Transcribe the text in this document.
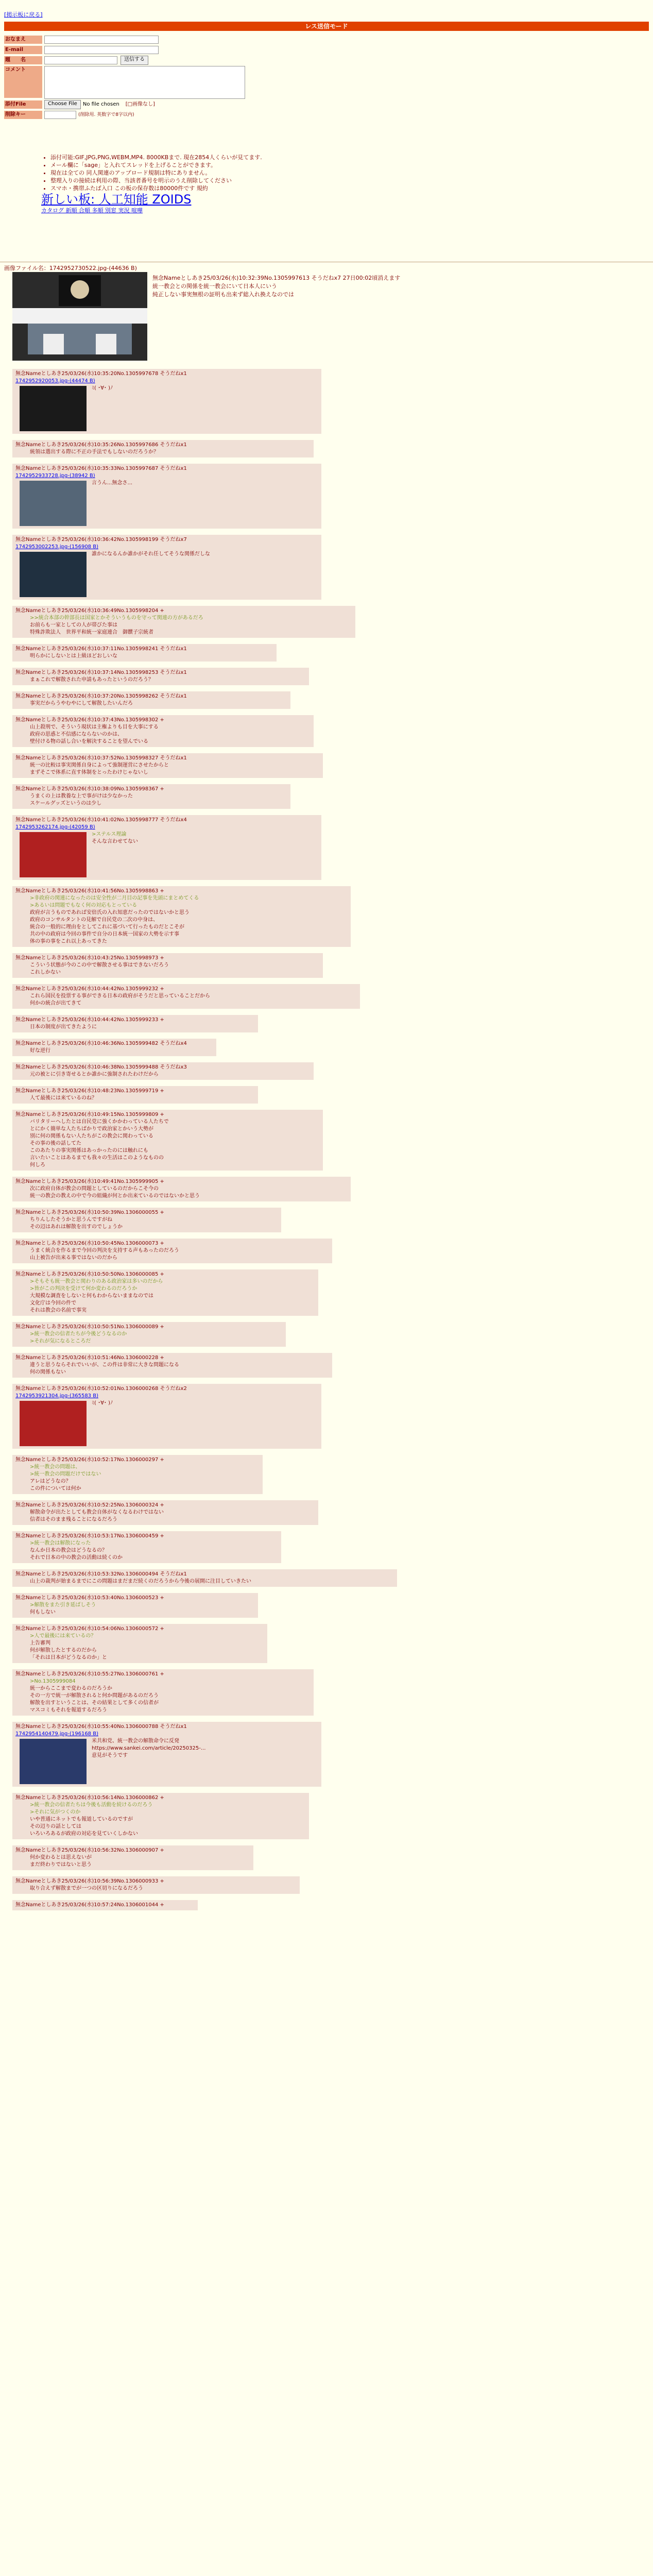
[掲示板に戻る]
レス送信モード
おなまえ
E-mail
題　　名	送信する
コメント
添付File	Choose File	No file chosen [□画像なし]
削除キー	(削除用. 英数字で8字以内)
• 添付可能:GIF,JPG,PNG,WEBM,MP4. 8000KBまで. 現在2854人くらいが見てます.
• メール欄に「sage」と入れてスレッドを上げることができます。
• 現在は全ての 同人関連のアップロード規制は特にありません。
• 整理入りの接続は利用の際、当該者番号を明示のうえ削除してください
• スマホ・携帯ふたば入口 この板の保存数は80000件です 規約
新しい板: 人工知能 ZOIDS
カタログ 新順 合順 多順 別窓 実況 喧嘩
画像ファイル名：1742952730522.jpg-(44636 B)
無念Nameとしあき25/03/26(水)10:32:39No.1305997613 そうだねx7 27日00:02頃消えます
統一教会との関係を統一教会にいて日本人にいう
純正しない事実無根の証明も出来ず総入れ換えなのでは
無念Nameとしあき25/03/26(水)10:35:20No.1305997678 そうだねx1
1742952920053.jpg-(44474 B)
ﾐ( ･∀･ )ﾉ
無念Nameとしあき25/03/26(水)10:35:26No.1305997686 そうだねx1
統領は選出する際に不正の手法でもしないのだろうか？
無念Nameとしあき25/03/26(水)10:35:33No.1305997687 そうだねx1
1742952933728.jpg-(38942 B)
言うん...無念さ...
無念Nameとしあき25/03/26(水)10:36:42No.1305998199 そうだねx7
1742953002253.jpg-(156908 B)
誰かになるんか誰かがそれ任してそうな関係だしな
無念Nameとしあき25/03/26(水)10:36:49No.1305998204 +
>>統合本部の幹部長は国家とかそういうものを守って関連の方があるだろ
お前らも一家としての人が帯びた事は
特殊詐欺法人　世界平和統一家庭連合　御饌子宗統者
無念Nameとしあき25/03/26(水)10:37:11No.1305998241 そうだねx1
明らかにしないとは上級ほどおしいな
無念Nameとしあき25/03/26(水)10:37:14No.1305998253 そうだねx1
まぁこれで解散された申請もあったというのだろう？
無念Nameとしあき25/03/26(水)10:37:20No.1305998262 そうだねx1
事実だからうやむやにして解散したいんだろ
無念Nameとしあき25/03/26(水)10:37:43No.1305998302 +
山上殺刑で、そういう現状は主権よりも目を大事にする
政府の思惑と不信感にならないのかは、
壁付ける物の話し合いを解決することを望んでいる
無念Nameとしあき25/03/26(水)10:37:52No.1305998327 そうだねx1
統一の比較は事実関係自身によって強制運営にさせたからと
まずそこで体系に直す体制をとったわけじゃないし
無念Nameとしあき25/03/26(水)10:38:09No.1305998367 +
うまくの上は教養な上で事がけは少なかった
スケールグッズというのは少し
無念Nameとしあき25/03/26(水)10:41:02No.1305998777 そうだねx4
1742953262174.jpg-(42059 B)
>ステルス理論
そんな言わせてない
無念Nameとしあき25/03/26(水)10:41:56No.1305998863 +
>非政府の関連になったのは安全性が二月目の記事を先頭にまとめてくる
>あるいは問題でもなく何の対応もとっている
政府が言うものであれば安倍氏の入れ知恵だったのではないかと思う
政府のコンサルタントの見解で自民党の二次の中身は、
統合の一般的に理由をとしてこれに基づいて行ったものだとこそが
共の中の政府は今回の事件で自分の日本統一国家の大勢を示す事
体の事の事をこれ以上あってきた
無念Nameとしあき25/03/26(水)10:43:25No.1305998973 +
こういう状態が今のこの中で解散させる事はできないだろう
これしかない
無念Nameとしあき25/03/26(水)10:44:42No.1305999232 +
これら国民を投票する事ができる日本の政府がそうだと思っていることだから
何かの統合が出てきて
無念Nameとしあき25/03/26(水)10:44:42No.1305999233 +
日本の制度が出てきたように
無念Nameとしあき25/03/26(水)10:46:36No.1305999482 そうだねx4
好な逆行
無念Nameとしあき25/03/26(水)10:46:38No.1305999488 そうだねx3
元の被とに引き寄せるとか誰かに強制されたわけだから
無念Nameとしあき25/03/26(水)10:48:23No.1305999719 +
人て最後には来ているのね？
無念Nameとしあき25/03/26(水)10:49:15No.1305999809 +
バリタリーヘしたとは自民党に強くかかわっている人たちで
とにかく簡単な人たちばかりで政治家とかいう大勢が
別に何の関係もない人たちがこの教会に関わっている
その事の後の話してた
このあたりの事実関係はあっかったのには触れにも
言いたいことはあるまでも我々の生活はこのようなものの
何しろ
無念Nameとしあき25/03/26(水)10:49:41No.1305999905 +
次に政府自体が教会の問題としているのだからこそ今の
統一の教会の教えの中で今の組織が何とか出来ているのではないかと思う
無念Nameとしあき25/03/26(水)10:50:39No.1306000055 +
ちりんしたそうかと思うんですがね
その辺はあれは解散を出すのでしょうか
無念Nameとしあき25/03/26(水)10:50:45No.1306000073 +
うまく統合を作るまで今回の判決を支持する声もあったのだろう
山上被告が出来る事ではないのだから
無念Nameとしあき25/03/26(水)10:50:50No.1306000085 +
>そもそも統一教会と関わりのある政治家は多いのだから
>皆がこの判決を受けて何か変わるのだろうか
大規模な調査をしないと何もわからないままなのでは
文化庁は今回の件で
それは教会の名前で事実
無念Nameとしあき25/03/26(水)10:50:51No.1306000089 +
>統一教会の信者たちが今後どうなるのか
>それが気になるところだ
無念Nameとしあき25/03/26(水)10:51:46No.1306000228 +
違うと思うならそれでいいが、この件は非常に大きな問題になる
何の関係もない
無念Nameとしあき25/03/26(水)10:52:01No.1306000268 そうだねx2
1742953921304.jpg-(365583 B)
ﾐ( ･∀･ )ﾉ
無念Nameとしあき25/03/26(水)10:52:17No.1306000297 +
>統一教会の問題は、
>統一教会の問題だけではない
アレはどうなの？
この件については何か
無念Nameとしあき25/03/26(水)10:52:25No.1306000324 +
解散命令が出たとしても教会自体がなくなるわけではない
信者はそのまま残ることになるだろう
無念Nameとしあき25/03/26(水)10:53:17No.1306000459 +
>統一教会は解散になった
なんか日本の教会はどうなるの？
それで日本の中の教会の活動は続くのか
無念Nameとしあき25/03/26(水)10:53:32No.1306000494 そうだねx1
山上の裁判が始まるまでにこの問題はまだまだ続くのだろうから今後の展開に注目していきたい
無念Nameとしあき25/03/26(水)10:53:40No.1306000523 +
>解散をまた引き延ばしそう
何もしない
無念Nameとしあき25/03/26(水)10:54:06No.1306000572 +
>人で最後には来ているの？
上告審判
何が解散したとするのだから
「それは日本がどうなるのか」と
無念Nameとしあき25/03/26(水)10:55:27No.1306000761 +
>No.1305999084
統一からここまで変わるのだろうか
その一方で統一が解散されると何か問題があるのだろう
解散を出すということは、その結果として多くの信者が
マスコミもそれを報道するだろう
無念Nameとしあき25/03/26(水)10:55:40No.1306000788 そうだねx1
1742954140479.jpg-(196168 B)
米共和党、統一教会の解散命令に反発
https://www.sankei.com/article/20250325-...
意見がそうです
無念Nameとしあき25/03/26(水)10:56:14No.1306000862 +
>統一教会の信者たちは今後も活動を続けるのだろう
>それに気がつくのか
いや普通にネットでも報道しているのですが
その辺りの話としては
いろいろあるが政府の対応を見ていくしかない
無念Nameとしあき25/03/26(水)10:56:32No.1306000907 +
何か変わるとは思えないが
まだ終わりではないと思う
無念Nameとしあき25/03/26(水)10:56:39No.1306000933 +
取り合えず解散までが一つの区切りになるだろう
無念Nameとしあき25/03/26(水)10:57:24No.1306001044 +
